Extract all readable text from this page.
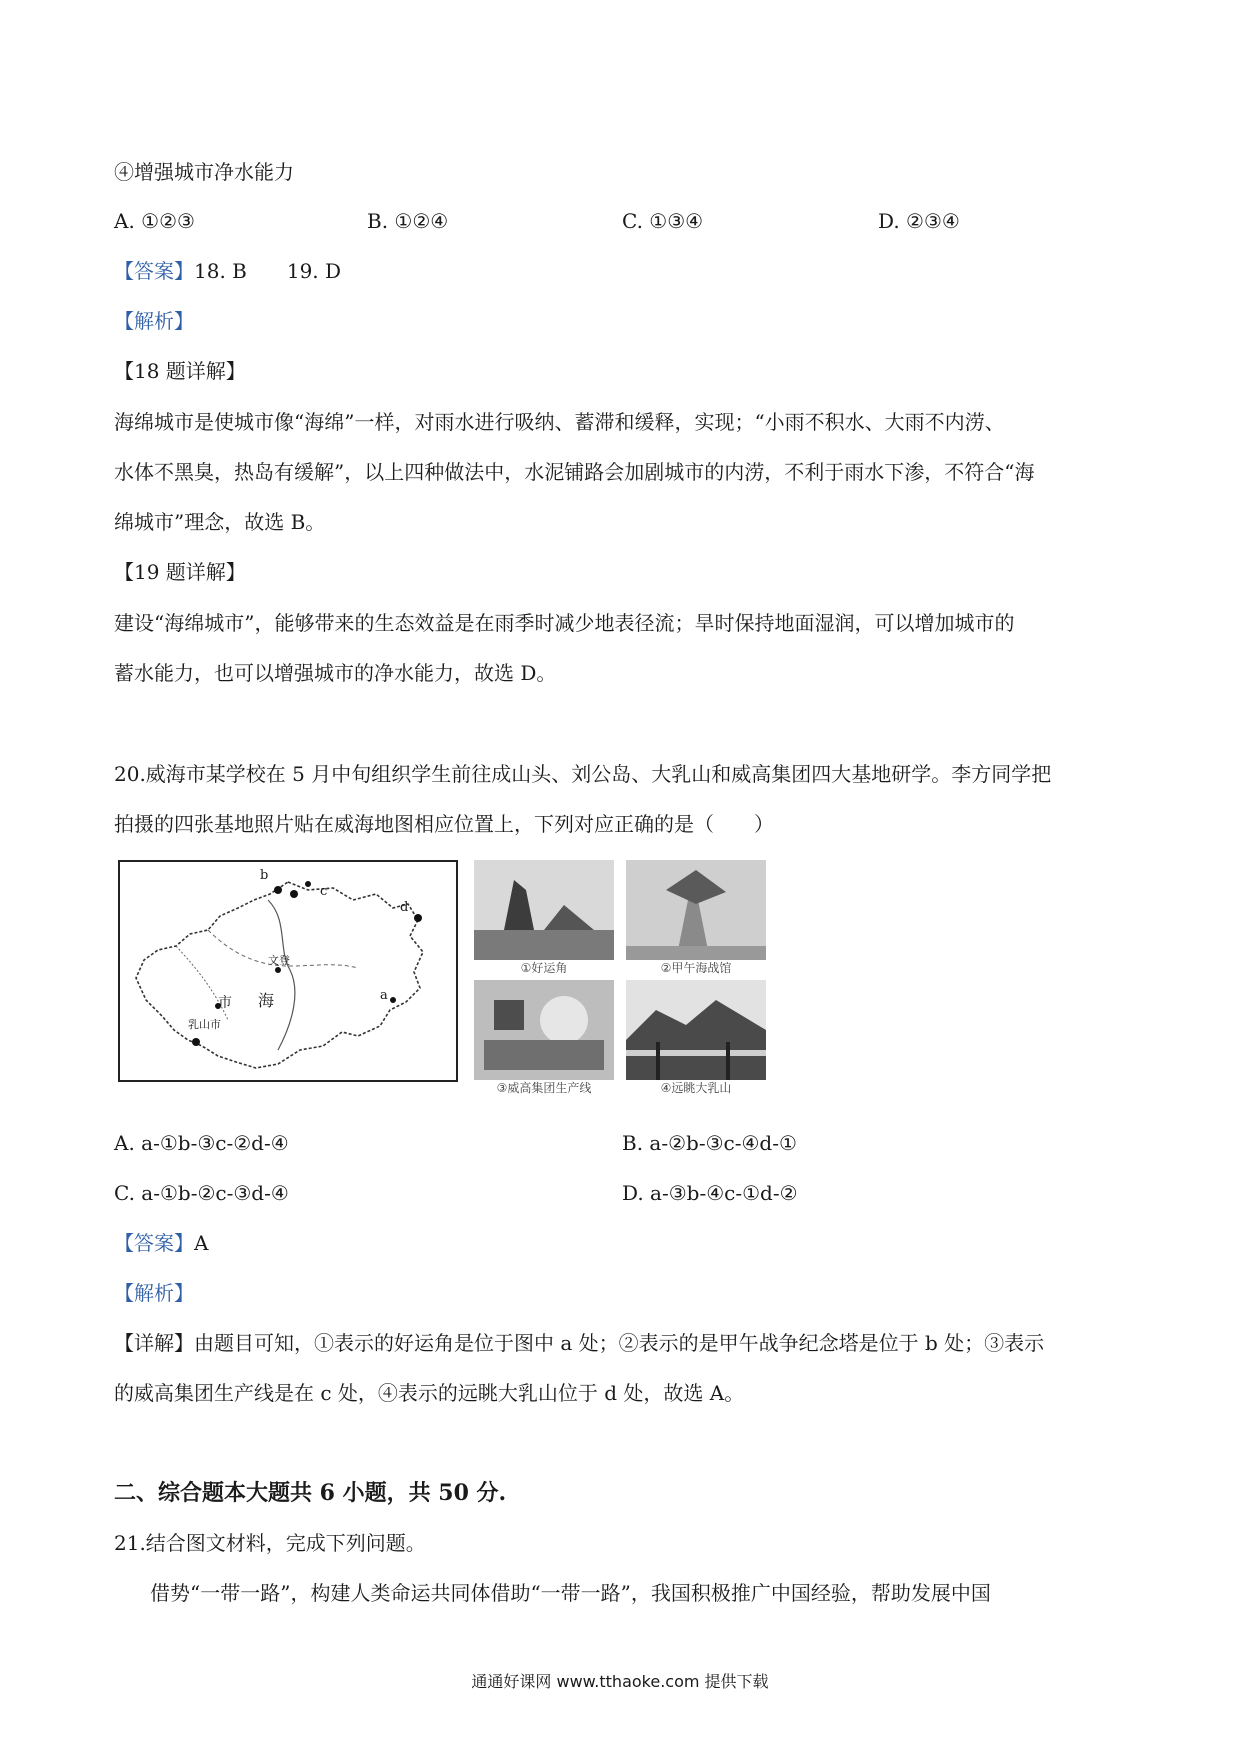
④增强城市净水能力
A. ①②③	B. ①②④	C. ①③④	D. ②③④
【答案】18. B　　19. D
【解析】
【18 题详解】
海绵城市是使城市像“海绵”一样，对雨水进行吸纳、蓄滞和缓释，实现；“小雨不积水、大雨不内涝、
水体不黑臭，热岛有缓解”，以上四种做法中，水泥铺路会加剧城市的内涝，不利于雨水下渗，不符合“海
绵城市”理念，故选 B。
【19 题详解】
建设“海绵城市”，能够带来的生态效益是在雨季时减少地表径流；旱时保持地面湿润，可以增加城市的
蓄水能力，也可以增强城市的净水能力，故选 D。
20.威海市某学校在 5 月中旬组织学生前往成山头、刘公岛、大乳山和威高集团四大基地研学。李方同学把
拍摄的四张基地照片贴在威海地图相应位置上，下列对应正确的是（　　）
b
c
d
a
文登
海
乳山市
市
①好运角	②甲午海战馆
③威高集团生产线	④远眺大乳山
A. a-①b-③c-②d-④	B. a-②b-③c-④d-①
C. a-①b-②c-③d-④	D. a-③b-④c-①d-②
【答案】A
【解析】
【详解】由题目可知，①表示的好运角是位于图中 a 处；②表示的是甲午战争纪念塔是位于 b 处；③表示
的威高集团生产线是在 c 处，④表示的远眺大乳山位于 d 处，故选 A。
二、综合题本大题共 6 小题，共 50 分.
21.结合图文材料，完成下列问题。
借势“一带一路”，构建人类命运共同体借助“一带一路”，我国积极推广中国经验，帮助发展中国
通通好课网 www.tthaoke.com 提供下载
